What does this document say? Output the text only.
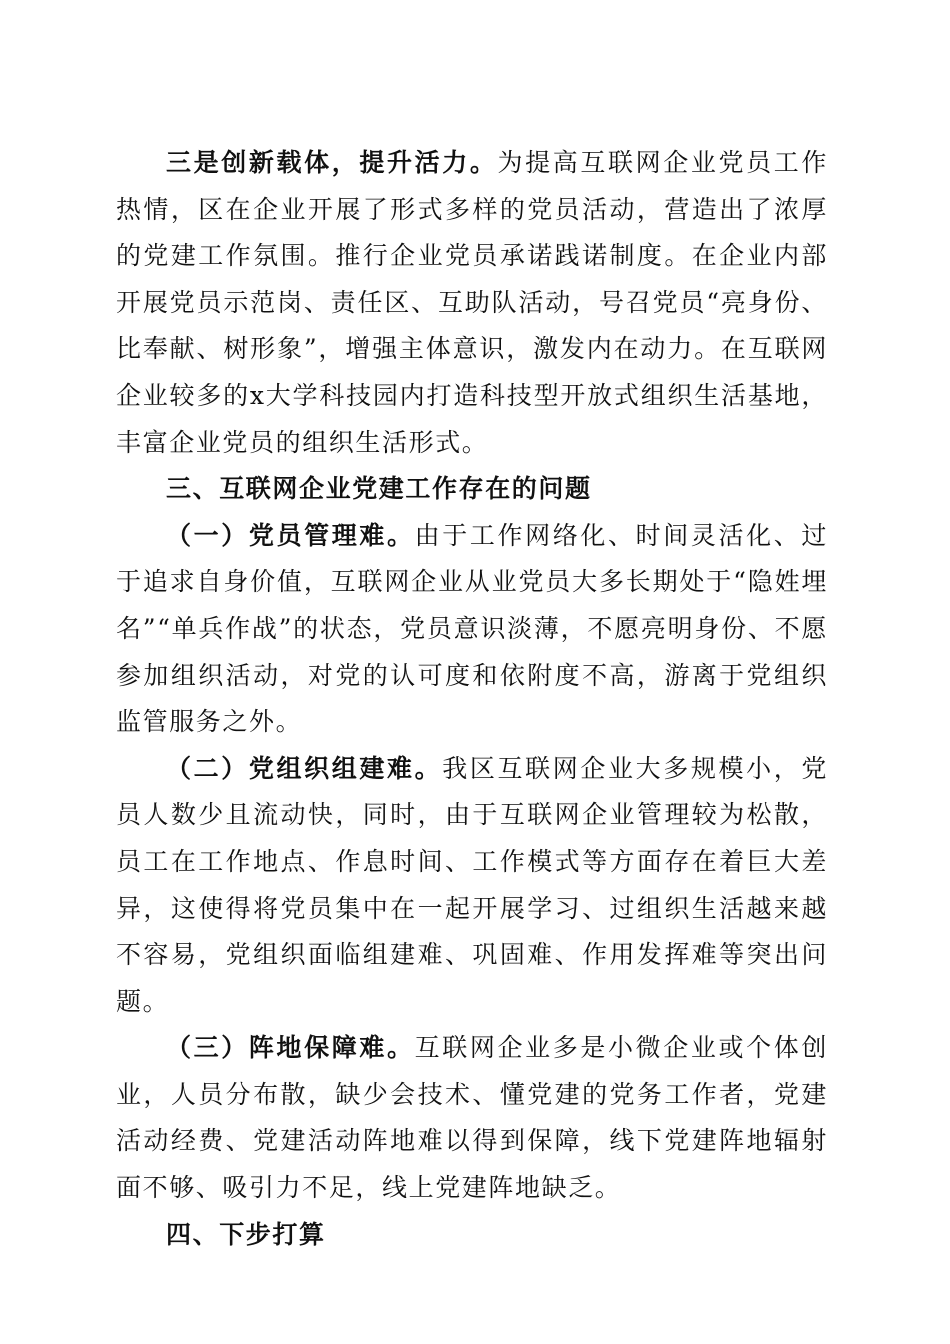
三是创新载体，提升活力。为提高互联网企业党员工作热情，区在企业开展了形式多样的党员活动，营造出了浓厚的党建工作氛围。推行企业党员承诺践诺制度。在企业内部开展党员示范岗、责任区、互助队活动，号召党员“亮身份、比奉献、树形象”，增强主体意识，激发内在动力。在互联网企业较多的x大学科技园内打造科技型开放式组织生活基地，丰富企业党员的组织生活形式。

三、互联网企业党建工作存在的问题

（一）党员管理难。由于工作网络化、时间灵活化、过于追求自身价值，互联网企业从业党员大多长期处于“隐姓埋名”“单兵作战”的状态，党员意识淡薄，不愿亮明身份、不愿参加组织活动，对党的认可度和依附度不高，游离于党组织监管服务之外。

（二）党组织组建难。我区互联网企业大多规模小，党员人数少且流动快，同时，由于互联网企业管理较为松散，员工在工作地点、作息时间、工作模式等方面存在着巨大差异，这使得将党员集中在一起开展学习、过组织生活越来越不容易，党组织面临组建难、巩固难、作用发挥难等突出问题。

（三）阵地保障难。互联网企业多是小微企业或个体创业，人员分布散，缺少会技术、懂党建的党务工作者，党建活动经费、党建活动阵地难以得到保障，线下党建阵地辐射面不够、吸引力不足，线上党建阵地缺乏。

四、下步打算
